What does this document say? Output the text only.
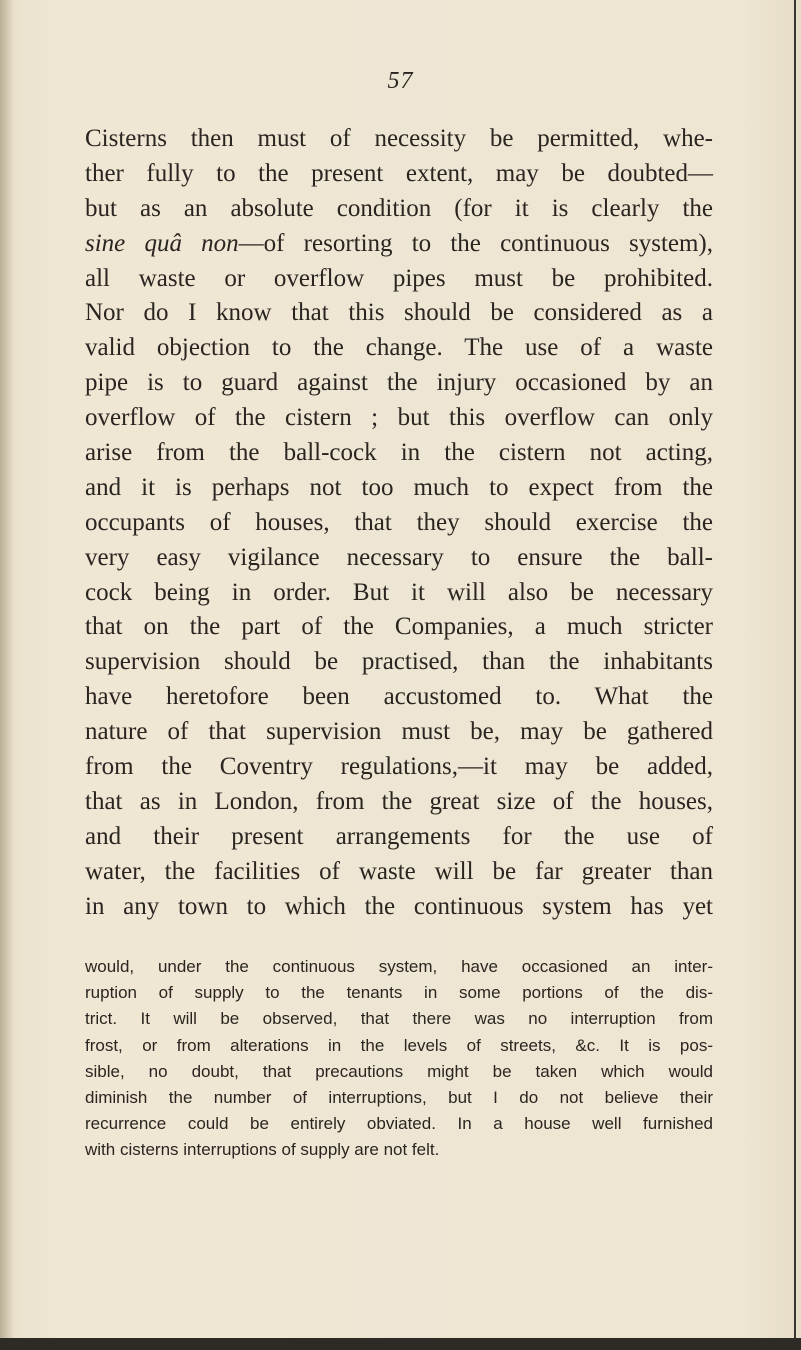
57
Cisterns then must of necessity be permitted, whe-
ther fully to the present extent, may be doubted—
but as an absolute condition (for it is clearly the
sine quâ non—of resorting to the continuous system),
all waste or overflow pipes must be prohibited.
Nor do I know that this should be considered as a
valid objection to the change. The use of a waste
pipe is to guard against the injury occasioned by an
overflow of the cistern ; but this overflow can only
arise from the ball-cock in the cistern not acting,
and it is perhaps not too much to expect from the
occupants of houses, that they should exercise the
very easy vigilance necessary to ensure the ball-
cock being in order. But it will also be necessary
that on the part of the Companies, a much stricter
supervision should be practised, than the inhabitants
have heretofore been accustomed to. What the
nature of that supervision must be, may be gathered
from the Coventry regulations,—it may be added,
that as in London, from the great size of the houses,
and their present arrangements for the use of
water, the facilities of waste will be far greater than
in any town to which the continuous system has yet
would, under the continuous system, have occasioned an inter-
ruption of supply to the tenants in some portions of the dis-
trict. It will be observed, that there was no interruption from
frost, or from alterations in the levels of streets, &c. It is pos-
sible, no doubt, that precautions might be taken which would
diminish the number of interruptions, but I do not believe their
recurrence could be entirely obviated. In a house well furnished
with cisterns interruptions of supply are not felt.
